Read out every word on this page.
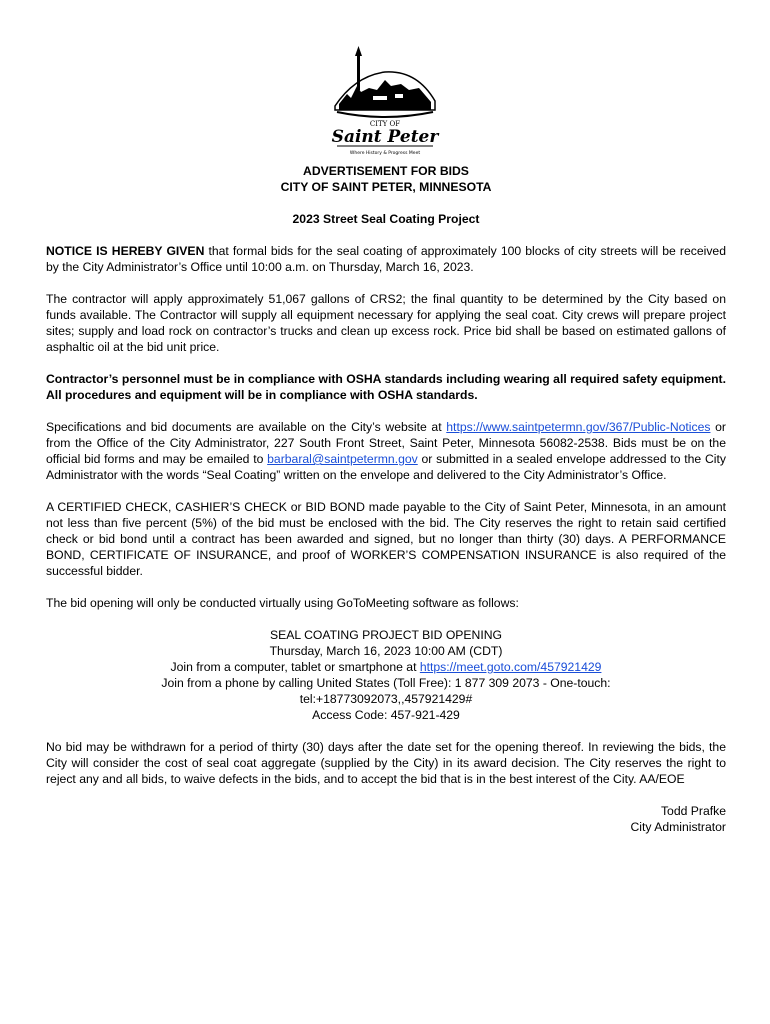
CITY OF
Saint Peter
Where History & Progress Meet
ADVERTISEMENT FOR BIDS
CITY OF SAINT PETER, MINNESOTA
2023 Street Seal Coating Project

NOTICE IS HEREBY GIVEN that formal bids for the seal coating of approximately 100 blocks of city streets will be received by the City Administrator’s Office until 10:00 a.m. on Thursday, March 16, 2023.

The contractor will apply approximately 51,067 gallons of CRS2; the final quantity to be determined by the City based on funds available. The Contractor will supply all equipment necessary for applying the seal coat. City crews will prepare project sites; supply and load rock on contractor’s trucks and clean up excess rock. Price bid shall be based on estimated gallons of asphaltic oil at the bid unit price.

Contractor’s personnel must be in compliance with OSHA standards including wearing all required safety equipment. All procedures and equipment will be in compliance with OSHA standards.

Specifications and bid documents are available on the City’s website at https://www.saintpetermn.gov/367/Public-Notices or from the Office of the City Administrator, 227 South Front Street, Saint Peter, Minnesota 56082-2538. Bids must be on the official bid forms and may be emailed to barbaral@saintpetermn.gov or submitted in a sealed envelope addressed to the City Administrator with the words “Seal Coating” written on the envelope and delivered to the City Administrator’s Office.

A CERTIFIED CHECK, CASHIER’S CHECK or BID BOND made payable to the City of Saint Peter, Minnesota, in an amount not less than five percent (5%) of the bid must be enclosed with the bid. The City reserves the right to retain said certified check or bid bond until a contract has been awarded and signed, but no longer than thirty (30) days. A PERFORMANCE BOND, CERTIFICATE OF INSURANCE, and proof of WORKER’S COMPENSATION INSURANCE is also required of the successful bidder.

The bid opening will only be conducted virtually using GoToMeeting software as follows:

SEAL COATING PROJECT BID OPENING
Thursday, March 16, 2023 10:00 AM (CDT)
Join from a computer, tablet or smartphone at https://meet.goto.com/457921429
Join from a phone by calling United States (Toll Free): 1 877 309 2073 - One-touch:
tel:+18773092073,,457921429#
Access Code: 457-921-429

No bid may be withdrawn for a period of thirty (30) days after the date set for the opening thereof. In reviewing the bids, the City will consider the cost of seal coat aggregate (supplied by the City) in its award decision. The City reserves the right to reject any and all bids, to waive defects in the bids, and to accept the bid that is in the best interest of the City. AA/EOE

Todd Prafke
City Administrator
